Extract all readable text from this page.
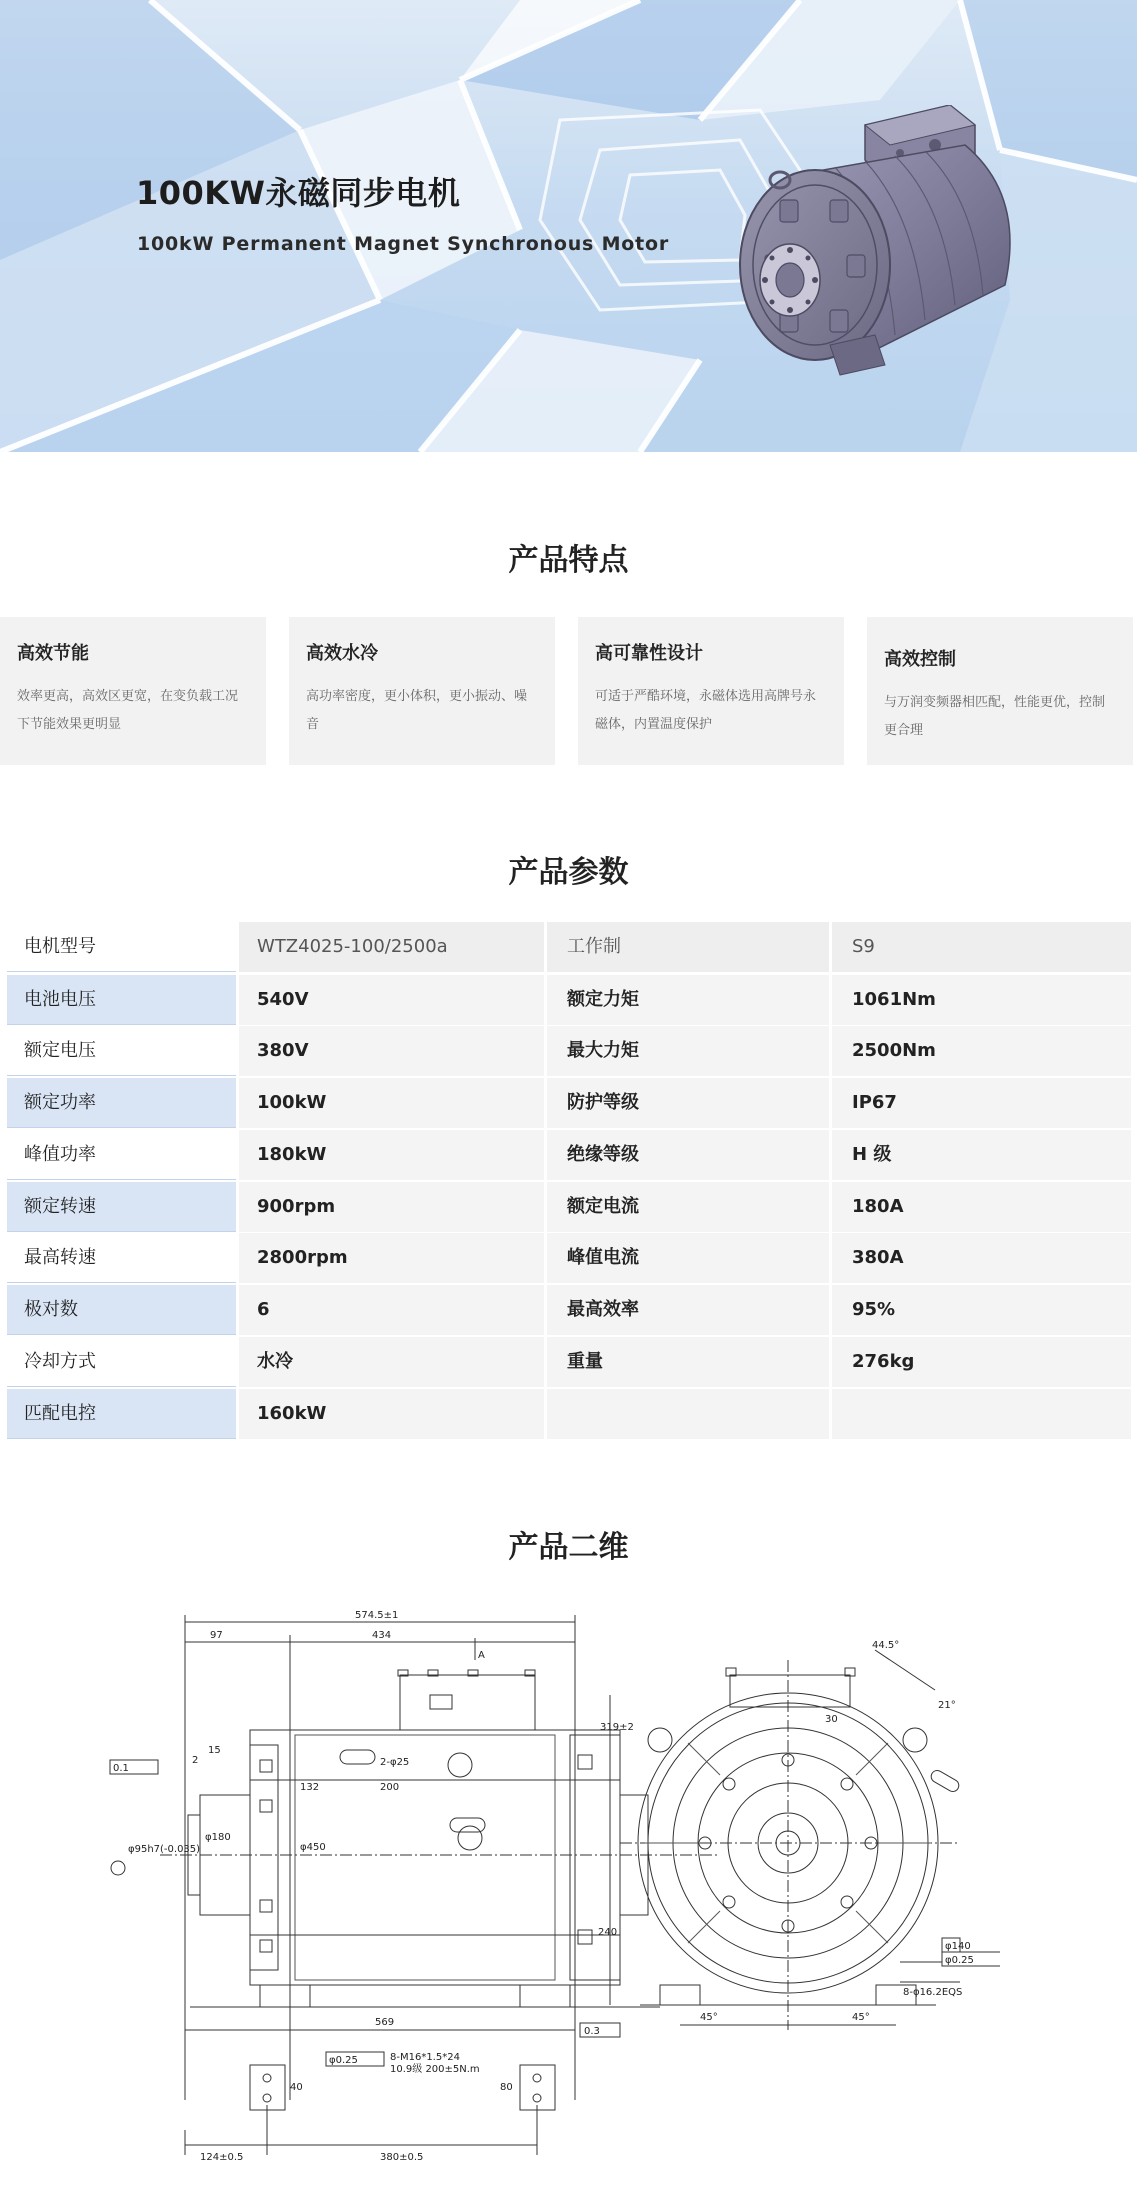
100KW永磁同步电机
100kW Permanent Magnet Synchronous Motor
产品特点
高效节能
效率更高，高效区更宽，在变负载工况下节能效果更明显
高效水冷
高功率密度，更小体积，更小振动、噪音
高可靠性设计
可适于严酷环境，永磁体选用高牌号永磁体，内置温度保护
高效控制
与万润变频器相匹配，性能更优，控制更合理
产品参数
电机型号	WTZ4025-100/2500a	工作制	S9
电池电压	540V	额定力矩	1061Nm
额定电压	380V	最大力矩	2500Nm
额定功率	100kW	防护等级	IP67
峰值功率	180kW	绝缘等级	H 级
额定转速	900rpm	额定电流	180A
最高转速	2800rpm	峰值电流	380A
极对数	6	最高效率	95%
冷却方式	水冷	重量	276kg
匹配电控	160kW
产品二维
574.5±1
97	434
A
15
2
0.1
132	200
2-φ25
φ450
φ180
φ95h7(-0.035)
569
0.3
φ0.25	8-M16*1.5*24
10.9级 200±5N.m
40	80
124±0.5	380±0.5
319±2
240
44.5°
21°
45°	45°
φ140
φ0.25
8-φ16.2EQS
30
